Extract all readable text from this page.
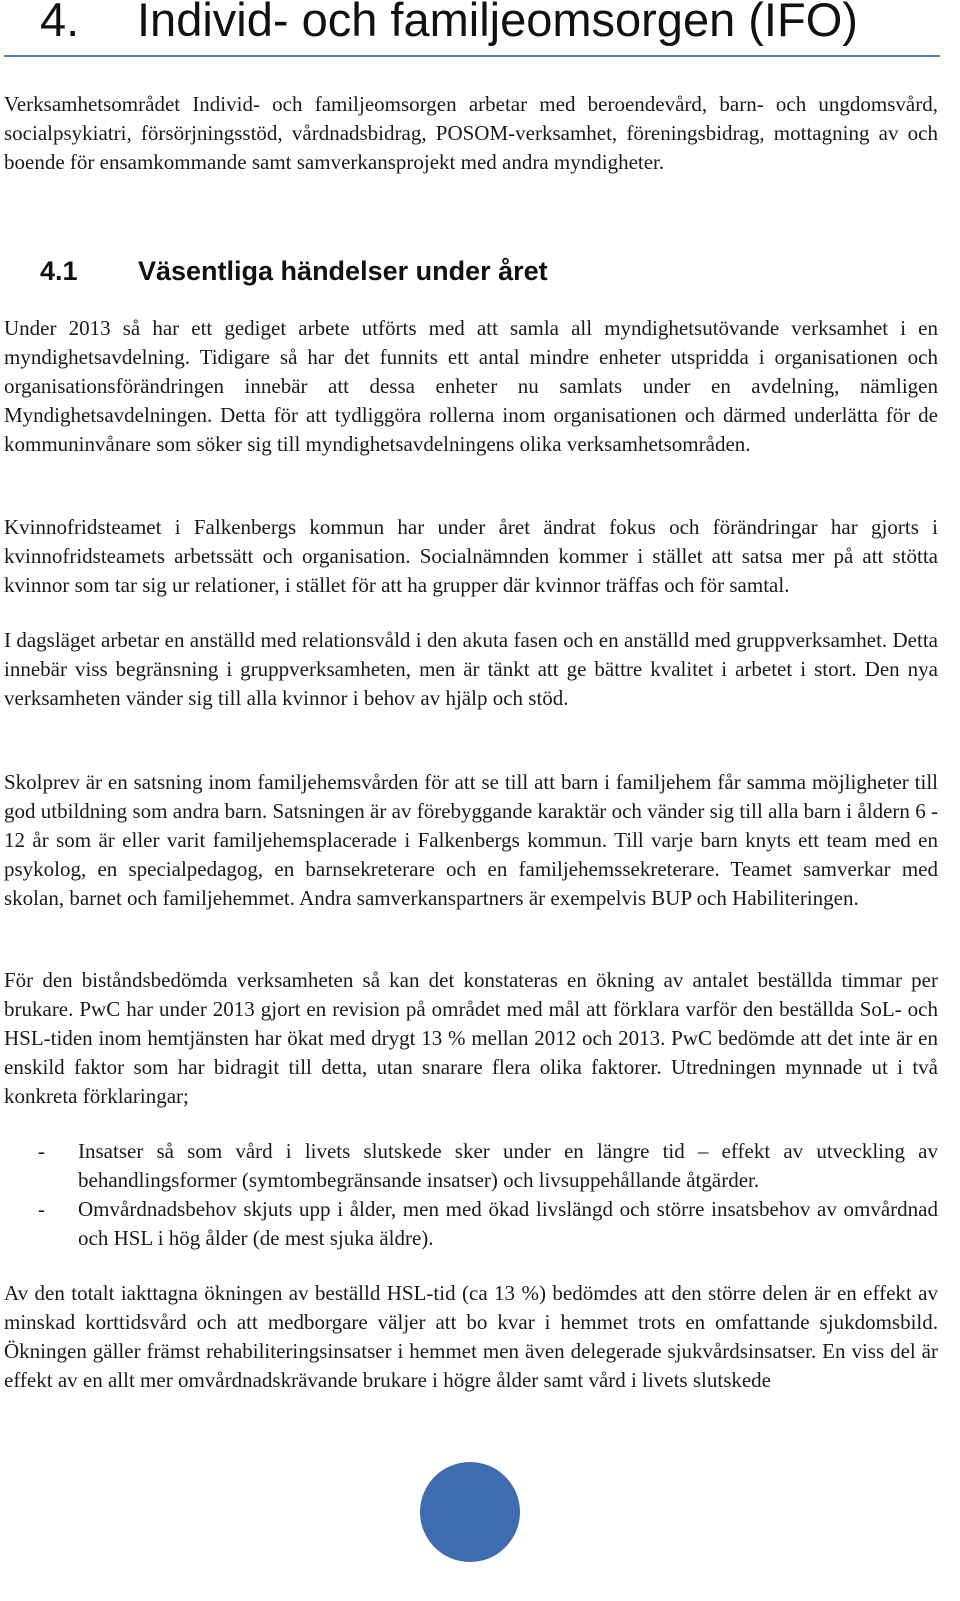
4. Individ- och familjeomsorgen (IFO)

Verksamhetsområdet Individ- och familjeomsorgen arbetar med beroendevård, barn- och ungdomsvård, socialpsykiatri, försörjningsstöd, vårdnadsbidrag, POSOM-verksamhet, föreningsbidrag, mottagning av och boende för ensamkommande samt samverkansprojekt med andra myndigheter.

4.1 Väsentliga händelser under året

Under 2013 så har ett gediget arbete utförts med att samla all myndighetsutövande verksamhet i en myndighetsavdelning. Tidigare så har det funnits ett antal mindre enheter utspridda i organisationen och organisationsförändringen innebär att dessa enheter nu samlats under en avdelning, nämligen Myndighetsavdelningen. Detta för att tydliggöra rollerna inom organisationen och därmed underlätta för de kommuninvånare som söker sig till myndighetsavdelningens olika verksamhetsområden.

Kvinnofridsteamet i Falkenbergs kommun har under året ändrat fokus och förändringar har gjorts i kvinnofridsteamets arbetssätt och organisation. Socialnämnden kommer i stället att satsa mer på att stötta kvinnor som tar sig ur relationer, i stället för att ha grupper där kvinnor träffas och för samtal.

I dagsläget arbetar en anställd med relationsvåld i den akuta fasen och en anställd med gruppverksamhet. Detta innebär viss begränsning i gruppverksamheten, men är tänkt att ge bättre kvalitet i arbetet i stort. Den nya verksamheten vänder sig till alla kvinnor i behov av hjälp och stöd.

Skolprev är en satsning inom familjehemsvården för att se till att barn i familjehem får samma möjligheter till god utbildning som andra barn. Satsningen är av förebyggande karaktär och vänder sig till alla barn i åldern 6 - 12 år som är eller varit familjehemsplacerade i Falkenbergs kommun. Till varje barn knyts ett team med en psykolog, en specialpedagog, en barnsekreterare och en familjehemssekreterare. Teamet samverkar med skolan, barnet och familjehemmet. Andra samverkanspartners är exempelvis BUP och Habiliteringen.

För den biståndsbedömda verksamheten så kan det konstateras en ökning av antalet beställda timmar per brukare. PwC har under 2013 gjort en revision på området med mål att förklara varför den beställda SoL- och HSL-tiden inom hemtjänsten har ökat med drygt 13 % mellan 2012 och 2013. PwC bedömde att det inte är en enskild faktor som har bidragit till detta, utan snarare flera olika faktorer. Utredningen mynnade ut i två konkreta förklaringar;

- Insatser så som vård i livets slutskede sker under en längre tid – effekt av utveckling av behandlingsformer (symtombegränsande insatser) och livsuppehållande åtgärder.
- Omvårdnadsbehov skjuts upp i ålder, men med ökad livslängd och större insatsbehov av omvårdnad och HSL i hög ålder (de mest sjuka äldre).

Av den totalt iakttagna ökningen av beställd HSL-tid (ca 13 %) bedömdes att den större delen är en effekt av minskad korttidsvård och att medborgare väljer att bo kvar i hemmet trots en omfattande sjukdomsbild. Ökningen gäller främst rehabiliteringsinsatser i hemmet men även delegerade sjukvårdsinsatser. En viss del är effekt av en allt mer omvårdnadskrävande brukare i högre ålder samt vård i livets slutskede
